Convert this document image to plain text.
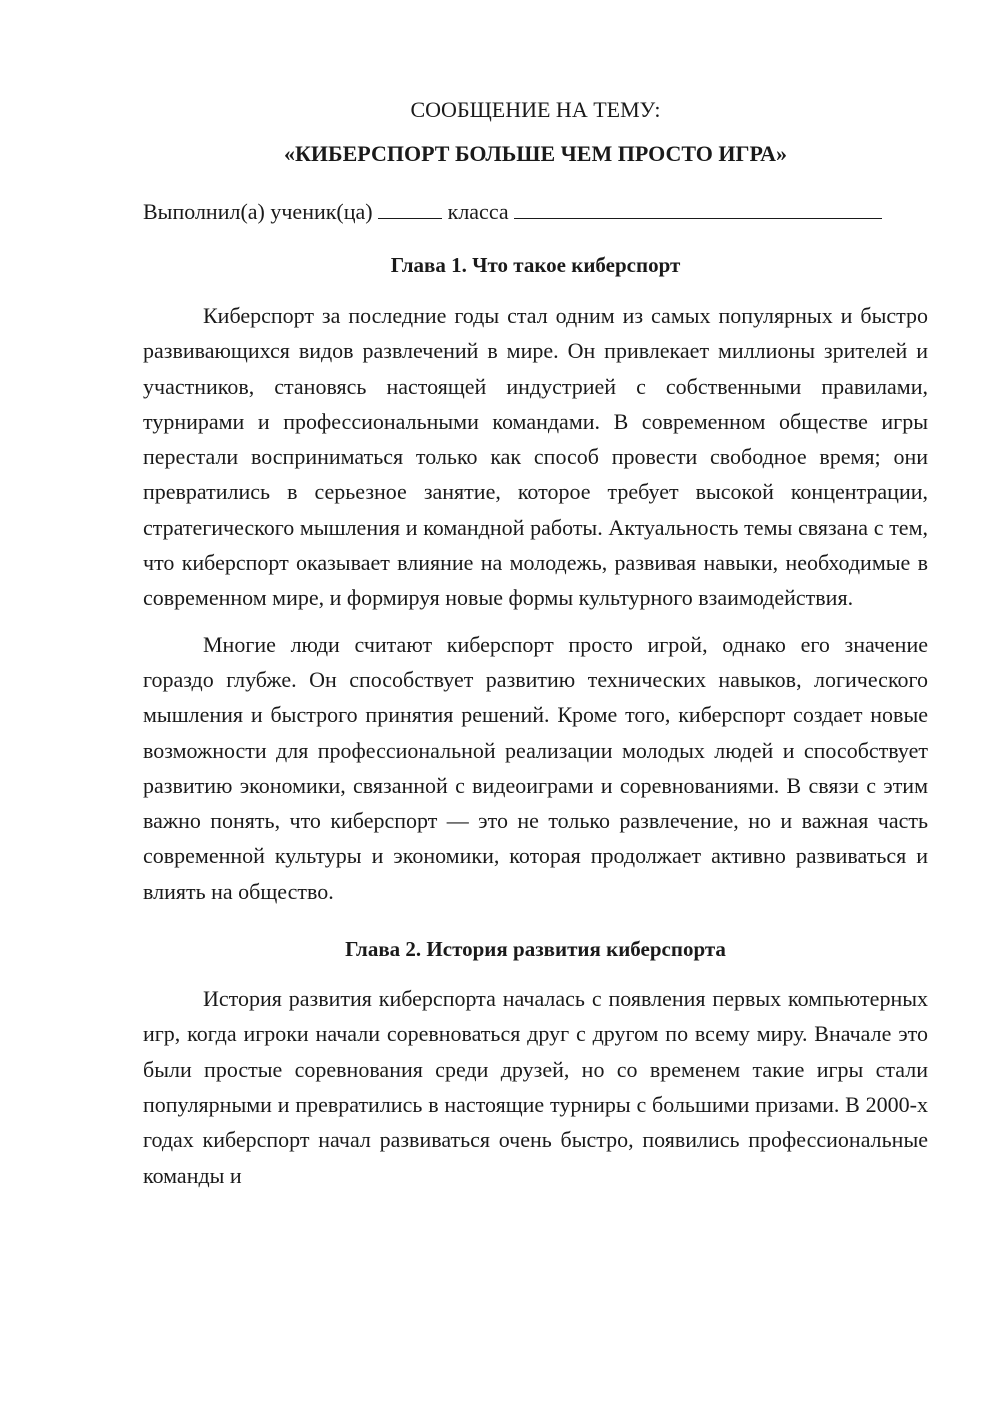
СООБЩЕНИЕ НА ТЕМУ:

«КИБЕРСПОРТ БОЛЬШЕ ЧЕМ ПРОСТО ИГРА»

Выполнил(а) ученик(ца)	класса

Глава 1. Что такое киберспорт

Киберспорт за последние годы стал одним из самых популярных и быстро развивающихся видов развлечений в мире. Он привлекает миллионы зрителей и участников, становясь настоящей индустрией с собственными правилами, турнирами и профессиональными командами. В современном обществе игры перестали восприниматься только как способ провести свободное время; они превратились в серьезное занятие, которое требует высокой концентрации, стратегического мышления и командной работы. Актуальность темы связана с тем, что киберспорт оказывает влияние на молодежь, развивая навыки, необходимые в современном мире, и формируя новые формы культурного взаимодействия.

Многие люди считают киберспорт просто игрой, однако его значение гораздо глубже. Он способствует развитию технических навыков, логического мышления и быстрого принятия решений. Кроме того, киберспорт создает новые возможности для профессиональной реализации молодых людей и способствует развитию экономики, связанной с видеоиграми и соревнованиями. В связи с этим важно понять, что киберспорт — это не только развлечение, но и важная часть современной культуры и экономики, которая продолжает активно развиваться и влиять на общество.

Глава 2. История развития киберспорта

История развития киберспорта началась с появления первых компьютерных игр, когда игроки начали соревноваться друг с другом по всему миру. Вначале это были простые соревнования среди друзей, но со временем такие игры стали популярными и превратились в настоящие турниры с большими призами. В 2000-х годах киберспорт начал развиваться очень быстро, появились профессиональные команды и
